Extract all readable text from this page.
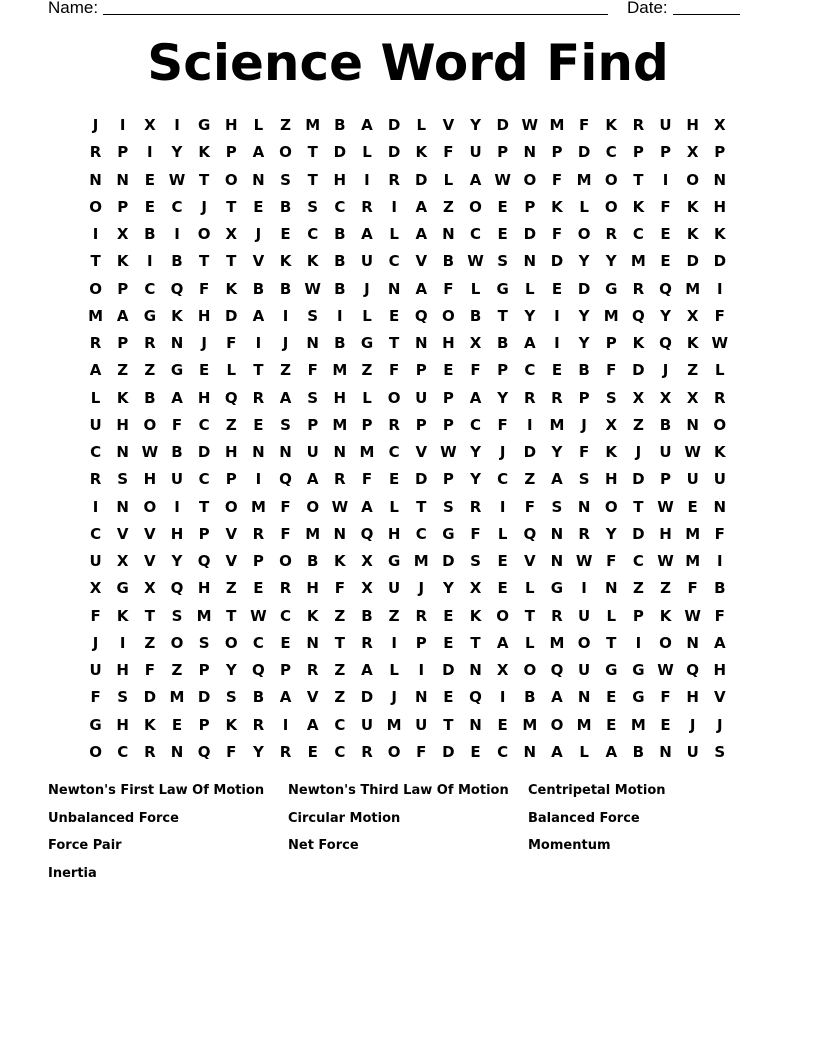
Name:	Date:
Science Word Find
J	I	X	I	G H	L	Z M B	A	D	L	V	Y	D W M F	K	R	U H	X
R	P	I	Y	K	P	A O	T	D	L	D	K	F	U	P	N	P	D	C	P	P	X	P
N N	E W T	O N	S	T	H	I	R	D	L	A W O	F M O	T	I	O N
O	P	E	C	J	T	E	B	S	C	R	I	A	Z	O	E	P	K	L	O K	F	K	H
I	X	B	I	O X	J	E	C	B	A	L	A	N	C	E	D	F	O R	C	E	K	K
T	K	I	B	T	T	V	K	K	B	U	C	V	B W S	N D	Y	Y M E	D D
O	P	C	Q	F	K	B	B W B	J	N	A	F	L	G	L	E	D G	R Q M	I
M A	G	K	H D	A	I	S	I	L	E	Q O	B	T	Y	I	Y M Q	Y	X	F
R	P	R	N	J	F	I	J	N	B	G	T	N H	X	B	A	I	Y	P	K Q K W
A	Z	Z	G	E	L	T	Z	F M Z	F	P	E	F	P	C	E	B	F	D	J	Z	L
L	K	B	A	H Q R	A	S	H	L	O U	P	A	Y	R	R	P	S	X	X	X	R
U H O	F	C	Z	E	S	P M P	R	P	P	C	F	I	M	J	X	Z	B	N O
C	N W B	D H N N U N M C	V W Y	J	D	Y	F	K	J	U W K
R	S	H U	C	P	I	Q A	R	F	E	D	P	Y	C	Z	A	S	H D	P	U U
I	N O	I	T	O M F	O W A	L	T	S	R	I	F	S	N O	T W E	N
C	V	V	H	P	V	R	F M N Q H	C	G	F	L	Q N	R	Y	D H M F
U	X	V	Y	Q V	P	O	B	K	X	G M D	S	E	V	N W F	C W M	I
X	G	X Q H	Z	E	R	H	F	X	U	J	Y	X	E	L	G	I	N	Z	Z	F	B
F	K	T	S M T W C	K	Z	B	Z	R	E	K O	T	R	U	L	P	K W F
J	I	Z	O	S	O	C	E	N	T	R	I	P	E	T	A	L M O	T	I	O N	A
U H	F	Z	P	Y	Q	P	R	Z	A	L	I	D N	X O Q U G G W Q H
F	S	D M D	S	B	A	V	Z	D	J	N	E	Q	I	B	A	N	E	G	F	H	V
G H	K	E	P	K	R	I	A	C	U M U	T	N	E M O M E M E	J	J
O	C	R	N Q	F	Y	R	E	C	R O	F	D	E	C	N	A	L	A	B	N U	S
Newton's First Law Of Motion	Newton's Third Law Of Motion	Centripetal Motion
Unbalanced Force	Circular Motion	Balanced Force
Force Pair	Net Force	Momentum
Inertia
